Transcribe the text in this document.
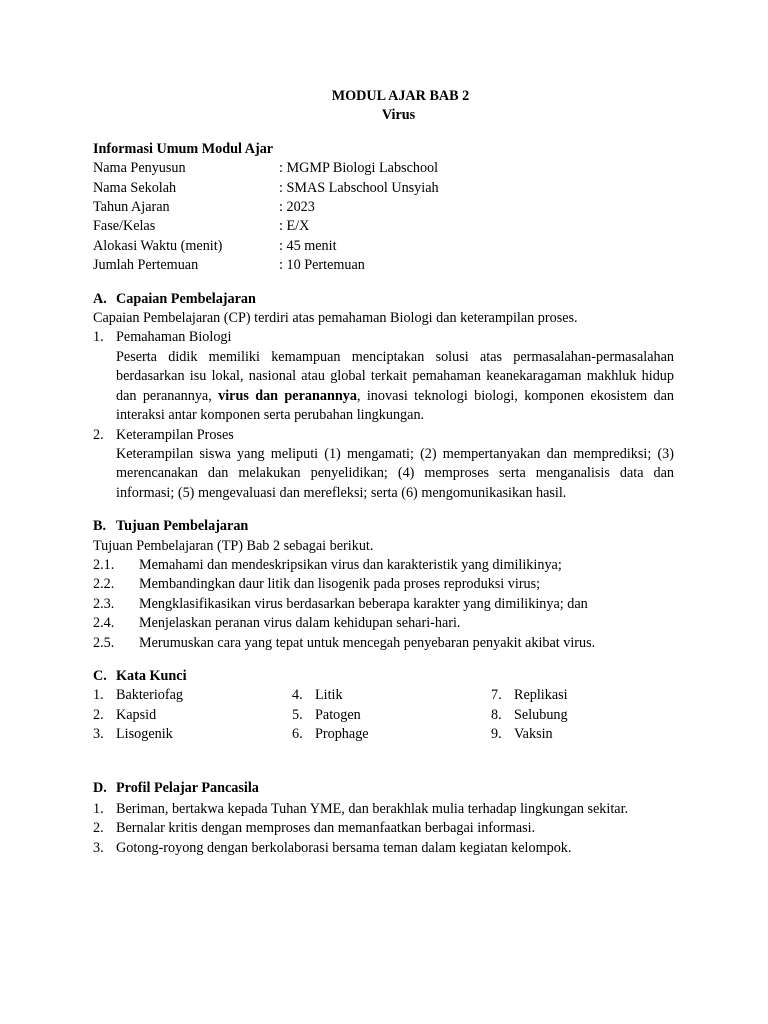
MODUL AJAR BAB 2
Virus
Informasi Umum Modul Ajar
Nama Penyusun	: MGMP Biologi Labschool
Nama Sekolah	: SMAS Labschool Unsyiah
Tahun Ajaran	: 2023
Fase/Kelas	: E/X
Alokasi Waktu (menit)	: 45 menit
Jumlah Pertemuan	: 10 Pertemuan
A. Capaian Pembelajaran
Capaian Pembelajaran (CP) terdiri atas pemahaman Biologi dan keterampilan proses.
1. Pemahaman Biologi
Peserta didik memiliki kemampuan menciptakan solusi atas permasalahan-permasalahan berdasarkan isu lokal, nasional atau global terkait pemahaman keanekaragaman makhluk hidup dan peranannya, virus dan peranannya, inovasi teknologi biologi, komponen ekosistem dan interaksi antar komponen serta perubahan lingkungan.
2. Keterampilan Proses
Keterampilan siswa yang meliputi (1) mengamati; (2) mempertanyakan dan memprediksi; (3) merencanakan dan melakukan penyelidikan; (4) memproses serta menganalisis data dan informasi; (5) mengevaluasi dan merefleksi; serta (6) mengomunikasikan hasil.
B. Tujuan Pembelajaran
Tujuan Pembelajaran (TP) Bab 2 sebagai berikut.
2.1.	Memahami dan mendeskripsikan virus dan karakteristik yang dimilikinya;
2.2.	Membandingkan daur litik dan lisogenik pada proses reproduksi virus;
2.3.	Mengklasifikasikan virus berdasarkan beberapa karakter yang dimilikinya; dan
2.4.	Menjelaskan peranan virus dalam kehidupan sehari-hari.
2.5.	Merumuskan cara yang tepat untuk mencegah penyebaran penyakit akibat virus.
C. Kata Kunci
1. Bakteriofag	4. Litik	7. Replikasi
2. Kapsid	5. Patogen	8. Selubung
3. Lisogenik	6. Prophage	9. Vaksin
D. Profil Pelajar Pancasila
1. Beriman, bertakwa kepada Tuhan YME, dan berakhlak mulia terhadap lingkungan sekitar.
2. Bernalar kritis dengan memproses dan memanfaatkan berbagai informasi.
3. Gotong-royong dengan berkolaborasi bersama teman dalam kegiatan kelompok.
